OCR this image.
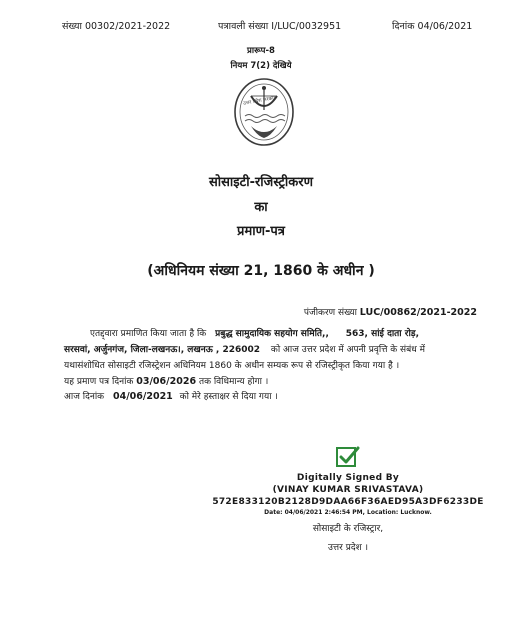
संख्या 00302/2021-2022	पत्रावली संख्या I/LUC/0032951	दिनांक 04/06/2021
प्रारूप-8
नियम 7(2) देखिये
उत्तर प्रदेश सरकार
सोसाइटी-रजिस्ट्रीकरण
का
प्रमाण-पत्र
(अधिनियम संख्या 21, 1860 के अधीन )
पंजीकरण संख्या LUC/00862/2021-2022
एतद्द्वारा प्रमाणित किया जाता है कि प्रबुद्ध सामुदायिक सहयोग समिति,, 563, सांई दाता रोड़,
सरसवां, अर्जुनगंज, जिला-लखनऊ।, लखनऊ , 226002 को आज उत्तर प्रदेश में अपनी प्रवृत्ति के संबंध में
यथासंशोधित सोसाइटी रजिस्ट्रेशन अधिनियम 1860 के अधीन सम्यक रूप से रजिस्ट्रीकृत किया गया है ।
यह प्रमाण पत्र दिनांक 03/06/2026 तक विधिमान्य होगा ।
आज दिनांक 04/06/2021 को मेरे हस्ताक्षर से दिया गया ।
Digitally Signed By
(VINAY KUMAR SRIVASTAVA)
572E833120B2128D9DAA66F36AED95A3DF6233DE
Date: 04/06/2021 2:46:54 PM, Location: Lucknow.
सोसाइटी के रजिस्ट्रार,
उत्तर प्रदेश ।
